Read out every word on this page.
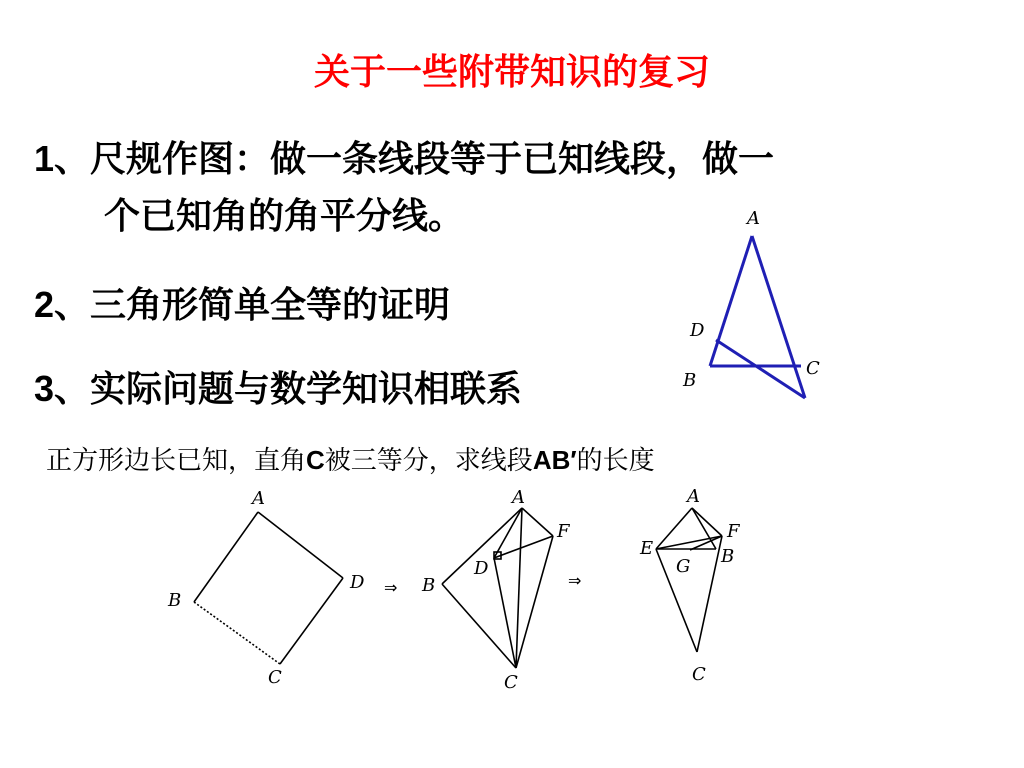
关于一些附带知识的复习
1、尺规作图：做一条线段等于已知线段，做一
个已知角的角平分线。
2、三角形简单全等的证明
3、实际问题与数学知识相联系
正方形边长已知，直角C被三等分，求线段AB′的长度
A
D
B
C
A
B
C
D ⇒
A
F
D
B
C
⇒
A
E
F
G B
C
